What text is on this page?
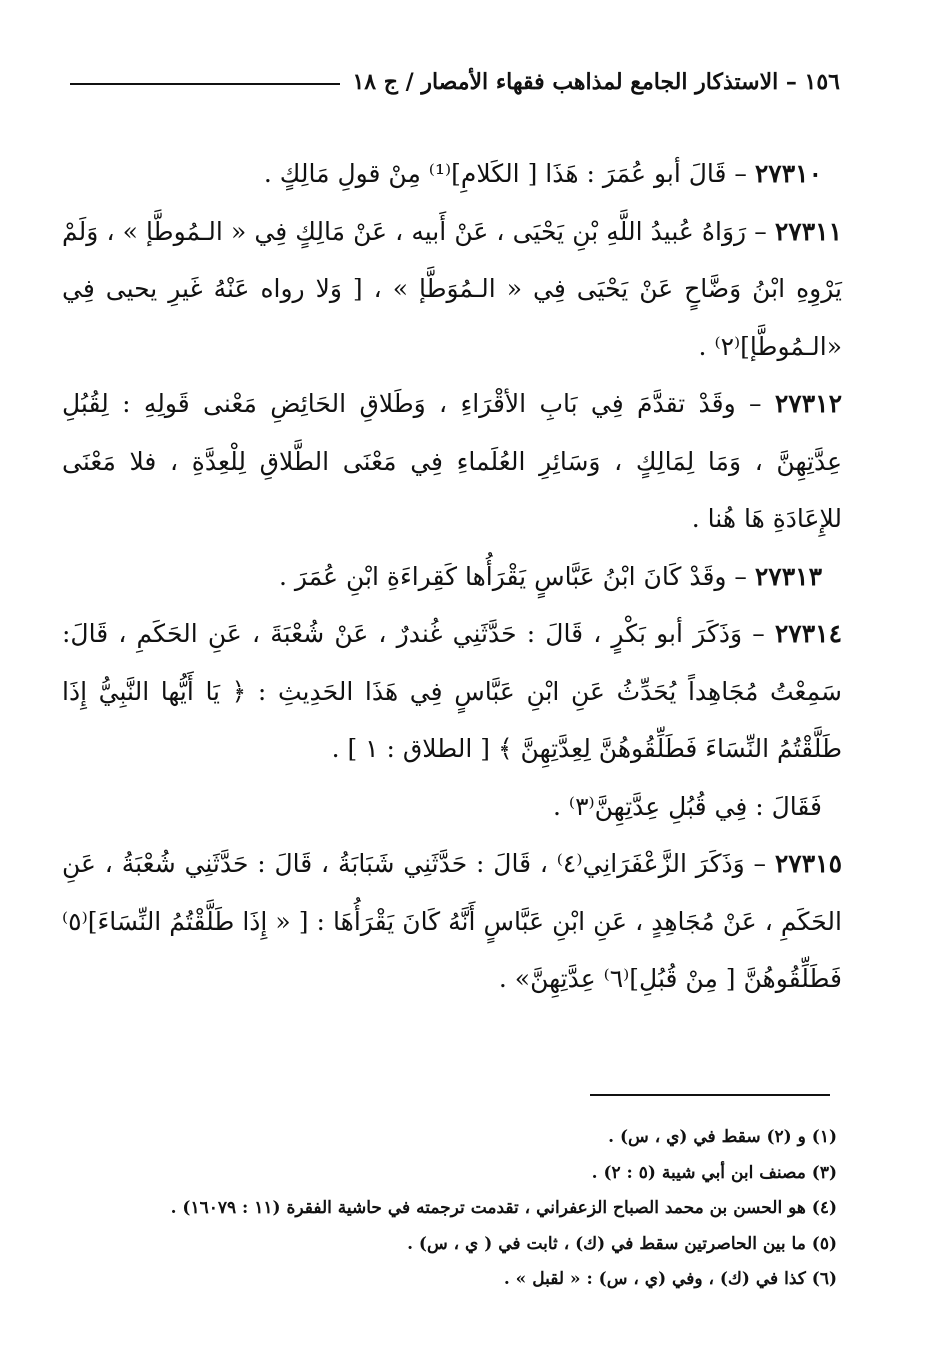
١٥٦ – الاستذكار الجامع لمذاهب فقهاء الأمصار / ج ١٨

٢٧٣١٠ – قَالَ أبو عُمَرَ : هَذَا [ الكَلامِ]⁽¹⁾ مِنْ قولِ مَالِكٍ .

٢٧٣١١ – رَوَاهُ عُبيدُ اللَّهِ بْنِ يَحْيَى ، عَنْ أَبيه ، عَنْ مَالِكٍ فِي « الـمُوطَّإ » ، وَلَمْ يَرْوِهِ ابْنُ وَضَّاحٍ عَنْ يَحْيَى فِي « الـمُوَطَّإ » ، [ وَلا رواه عَنْهُ غَيرِ يحيى فِي «الـمُوطَّإ]⁽٢⁾ .

٢٧٣١٢ – وقَدْ تقدَّمَ فِي بَابِ الأقْرَاءِ ، وَطَلاقِ الحَائِضِ مَعْنى قَولِهِ : لِقُبُلِ عِدَّتِهِنَّ ، وَمَا لِمَالِكٍ ، وَسَائِرِ العُلَماءِ فِي مَعْنَى الطَّلاقِ لِلْعِدَّةِ ، فلا مَعْنَى للإِعَادَةِ هَا هُنا .

٢٧٣١٣ – وقَدْ كَانَ ابْنُ عَبَّاسٍ يَقْرَأُها كَقِراءَةِ ابْنِ عُمَرَ .

٢٧٣١٤ – وَذَكَرَ أبو بَكْرٍ ، قَالَ : حَدَّثَنِي غُندرٌ ، عَنْ شُعْبَةَ ، عَنِ الحَكَمِ ، قَالَ: سَمِعْتُ مُجَاهِداً يُحَدِّثُ عَنِ ابْنِ عَبَّاسٍ فِي هَذَا الحَدِيثِ : ﴿ يَا أَيُّها النَّبِيُّ إِذَا طَلَّقْتُمُ النِّسَاءَ فَطَلِّقُوهُنَّ لِعِدَّتِهِنَّ ﴾ [ الطلاق : ١ ] .

فَقَالَ : فِي قُبُلِ عِدَّتِهِنَّ⁽٣⁾ .

٢٧٣١٥ – وَذَكَرَ الزَّعْفَرَانِي⁽٤⁾ ، قَالَ : حَدَّثَنِي شَبَابَةُ ، قَالَ : حَدَّثَنِي شُعْبَةُ ، عَنِ الحَكَمِ ، عَنْ مُجَاهِدٍ ، عَنِ ابْنِ عَبَّاسٍ أَنَّهُ كَانَ يَقْرَأُهَا : [ « إِذَا طَلَّقْتُمُ النِّسَاءَ]⁽٥⁾ فَطَلِّقُوهُنَّ [ مِنْ قُبُلِ]⁽٦⁾ عِدَّتِهِنَّ» .

(١) و (٢) سقط في (ي ، س) .

(٣) مصنف ابن أبي شيبة (٥ : ٢) .

(٤) هو الحسن بن محمد الصباح الزعفراني ، تقدمت ترجمته في حاشية الفقرة (١١ : ١٦٠٧٩) .

(٥) ما بين الحاصرتين سقط في (ك) ، ثابت في ( ي ، س) .

(٦) كذا في (ك) ، وفي (ي ، س) : « لقبل » .
